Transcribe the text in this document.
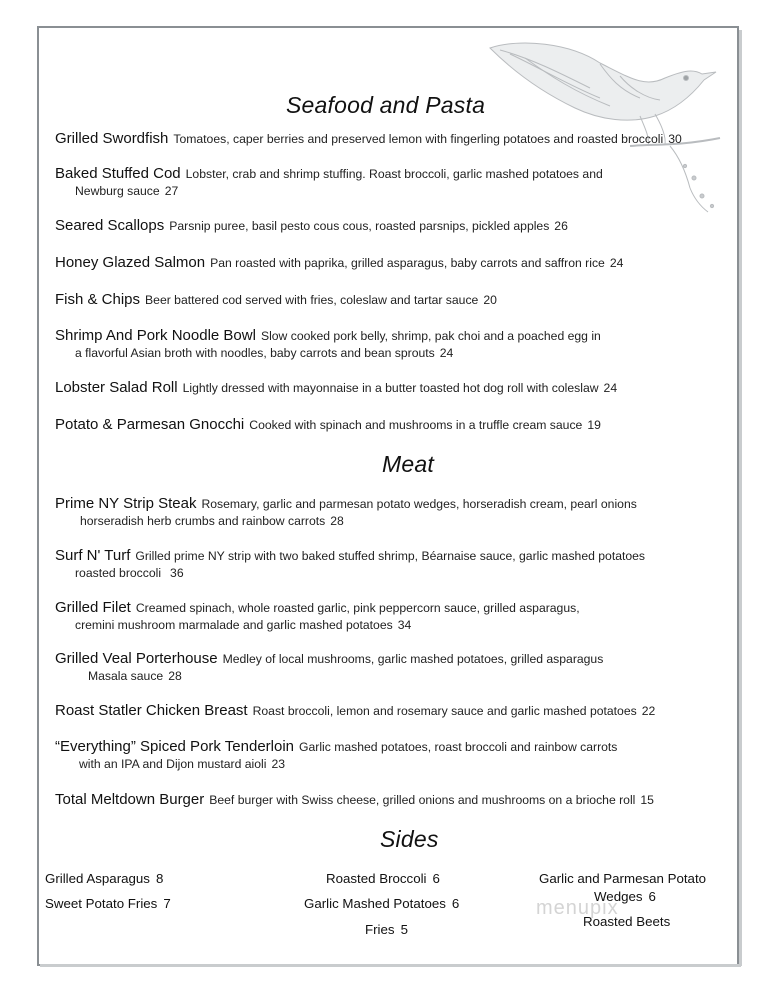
Seafood and Pasta

Grilled Swordfish Tomatoes, caper berries and preserved lemon with fingerling potatoes and roasted broccoli 30

Baked Stuffed Cod Lobster, crab and shrimp stuffing. Roast broccoli, garlic mashed potatoes and
Newburg sauce 27

Seared Scallops Parsnip puree, basil pesto cous cous, roasted parsnips, pickled apples 26

Honey Glazed Salmon Pan roasted with paprika, grilled asparagus, baby carrots and saffron rice 24

Fish & Chips Beer battered cod served with fries, coleslaw and tartar sauce 20

Shrimp And Pork Noodle Bowl Slow cooked pork belly, shrimp, pak choi and a poached egg in
a flavorful Asian broth with noodles, baby carrots and bean sprouts 24

Lobster Salad Roll Lightly dressed with mayonnaise in a butter toasted hot dog roll with coleslaw 24

Potato & Parmesan Gnocchi Cooked with spinach and mushrooms in a truffle cream sauce 19

Meat

Prime NY Strip Steak Rosemary, garlic and parmesan potato wedges, horseradish cream, pearl onions
horseradish herb crumbs and rainbow carrots 28

Surf N' Turf Grilled prime NY strip with two baked stuffed shrimp, Béarnaise sauce, garlic mashed potatoes
roasted broccoli 36

Grilled Filet Creamed spinach, whole roasted garlic, pink peppercorn sauce, grilled asparagus,
cremini mushroom marmalade and garlic mashed potatoes 34

Grilled Veal Porterhouse Medley of local mushrooms, garlic mashed potatoes, grilled asparagus
Masala sauce 28

Roast Statler Chicken Breast Roast broccoli, lemon and rosemary sauce and garlic mashed potatoes 22

“Everything” Spiced Pork Tenderloin Garlic mashed potatoes, roast broccoli and rainbow carrots
with an IPA and Dijon mustard aioli 23

Total Meltdown Burger Beef burger with Swiss cheese, grilled onions and mushrooms on a brioche roll 15

Sides

Grilled Asparagus 8

Sweet Potato Fries 7

Roasted Broccoli 6

Garlic Mashed Potatoes 6

Fries 5

menupix

Garlic and Parmesan Potato

Wedges 6

Roasted Beets
